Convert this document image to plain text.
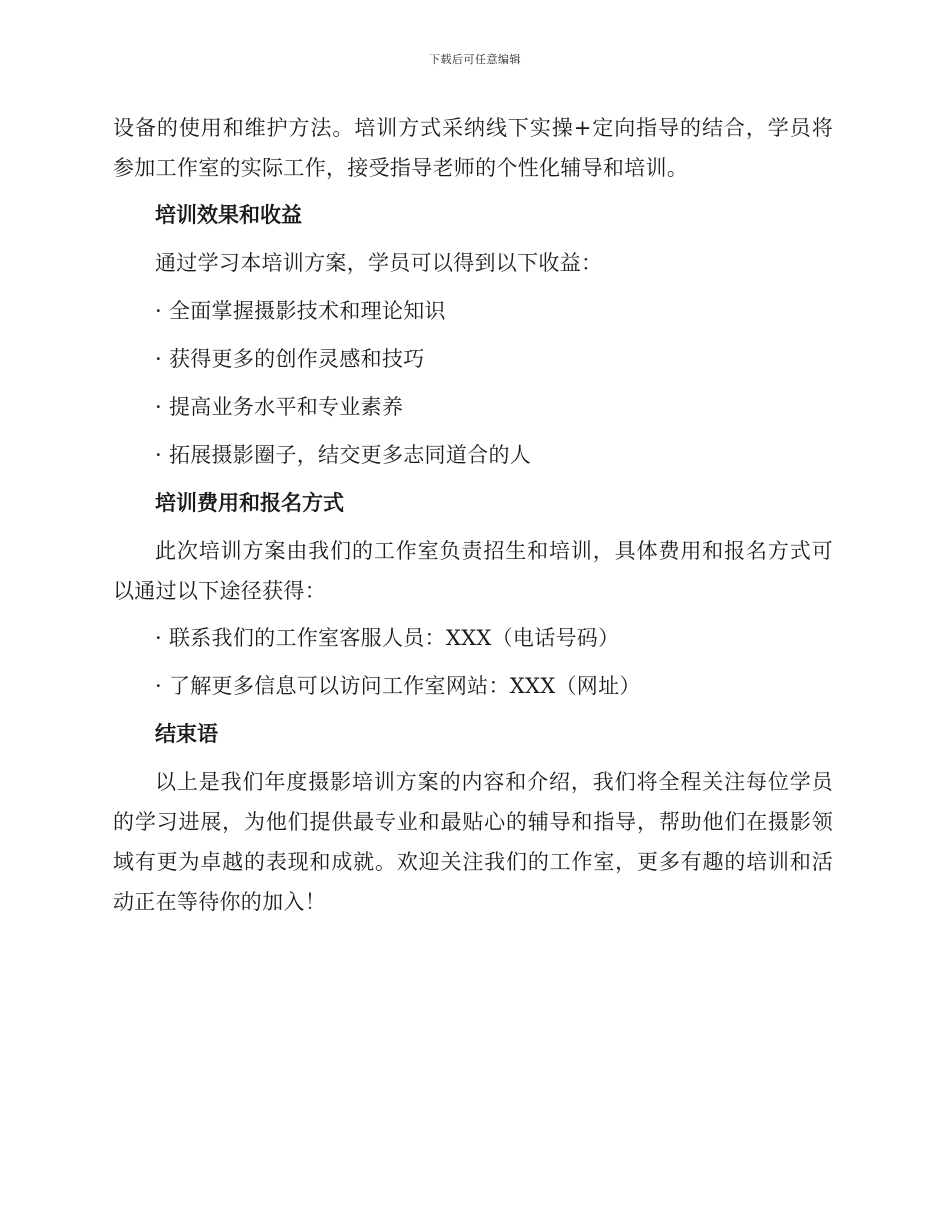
下载后可任意编辑

设备的使用和维护方法。培训方式采纳线下实操+定向指导的结合，学员将参加工作室的实际工作，接受指导老师的个性化辅导和培训。

培训效果和收益

通过学习本培训方案，学员可以得到以下收益：

· 全面掌握摄影技术和理论知识
· 获得更多的创作灵感和技巧
· 提高业务水平和专业素养
· 拓展摄影圈子，结交更多志同道合的人
培训费用和报名方式

此次培训方案由我们的工作室负责招生和培训，具体费用和报名方式可以通过以下途径获得：

· 联系我们的工作室客服人员：XXX（电话号码）
· 了解更多信息可以访问工作室网站：XXX（网址）
结束语

以上是我们年度摄影培训方案的内容和介绍，我们将全程关注每位学员的学习进展，为他们提供最专业和最贴心的辅导和指导，帮助他们在摄影领域有更为卓越的表现和成就。欢迎关注我们的工作室，更多有趣的培训和活动正在等待你的加入！
